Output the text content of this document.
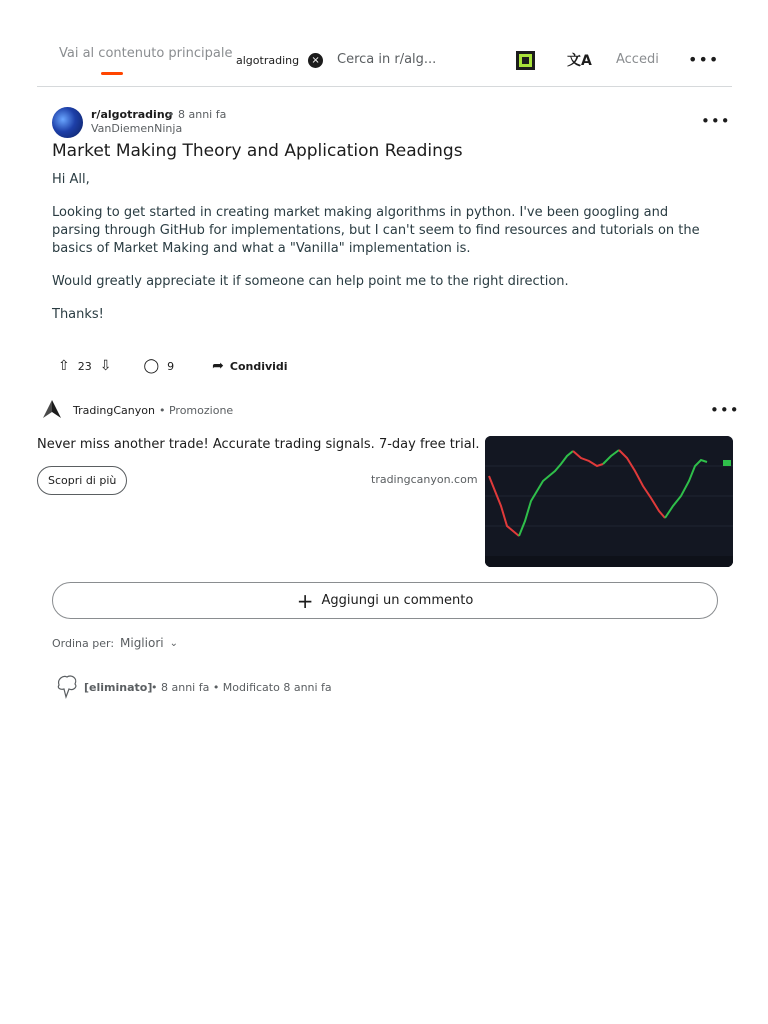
Vai al contenuto principale algotrading	× Cerca in r/alg...	文A Accedi •••
r/algotrading
• 8 anni fa
VanDiemenNinja	•••
Market Making Theory and Application Readings

Hi All,

Looking to get started in creating market making algorithms in python. I've been googling and parsing through GitHub for implementations, but I can't seem to find resources and tutorials on the basics of Market Making and what a "Vanilla" implementation is.

Would greatly appreciate it if someone can help point me to the right direction.

Thanks!

⇧ 23 ⇩ ◯ 9	➦ Condividi
TradingCanyon • Promozione	•••
Never miss another trade! Accurate trading signals. 7-day free trial.
Scopri di più	tradingcanyon.com
+ Aggiungi un commento
Ordina per: Migliori ⌄
[eliminato]
• 8 anni fa • Modificato 8 anni fa
